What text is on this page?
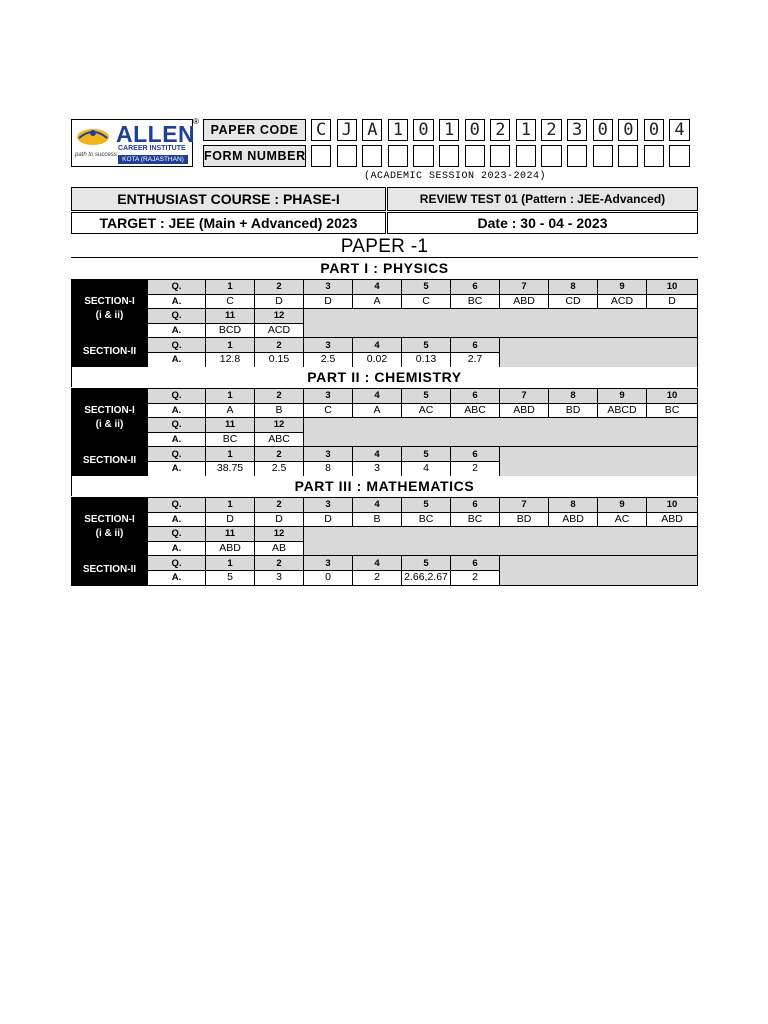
ALLEN
CAREER INSTITUTE
path to success
KOTA (RAJASTHAN)
®
PAPER CODE	C J A 1 0 1 0 2 1 2 3 0 0 0 4
FORM NUMBER
(ACADEMIC SESSION 2023-2024)
ENTHUSIAST COURSE : PHASE-I	REVIEW TEST 01 (Pattern : JEE-Advanced)
TARGET : JEE (Main + Advanced) 2023	Date : 30 - 04 - 2023
PAPER -1
PART I : PHYSICS
SECTION-I
(i & ii)	Q.	1	2	3	4	5	6	7	8	9	10
	A.	C	D	D	A	C	BC	ABD	CD	ACD	D
	Q.	11	12								
	A.	BCD	ACD								
SECTION-II	Q.	1	2	3	4	5	6				
	A.	12.8	0.15	2.5	0.02	0.13	2.7				
PART II : CHEMISTRY
SECTION-I
(i & ii)	Q.	1	2	3	4	5	6	7	8	9	10
	A.	A	B	C	A	AC	ABC	ABD	BD	ABCD	BC
	Q.	11	12								
	A.	BC	ABC								
SECTION-II	Q.	1	2	3	4	5	6				
	A.	38.75	2.5	8	3	4	2				
PART III : MATHEMATICS
SECTION-I
(i & ii)	Q.	1	2	3	4	5	6	7	8	9	10
	A.	D	D	D	B	BC	BC	BD	ABD	AC	ABD
	Q.	11	12								
	A.	ABD	AB								
SECTION-II	Q.	1	2	3	4	5	6				
	A.	5	3	0	2	2.66,2.67	2				
